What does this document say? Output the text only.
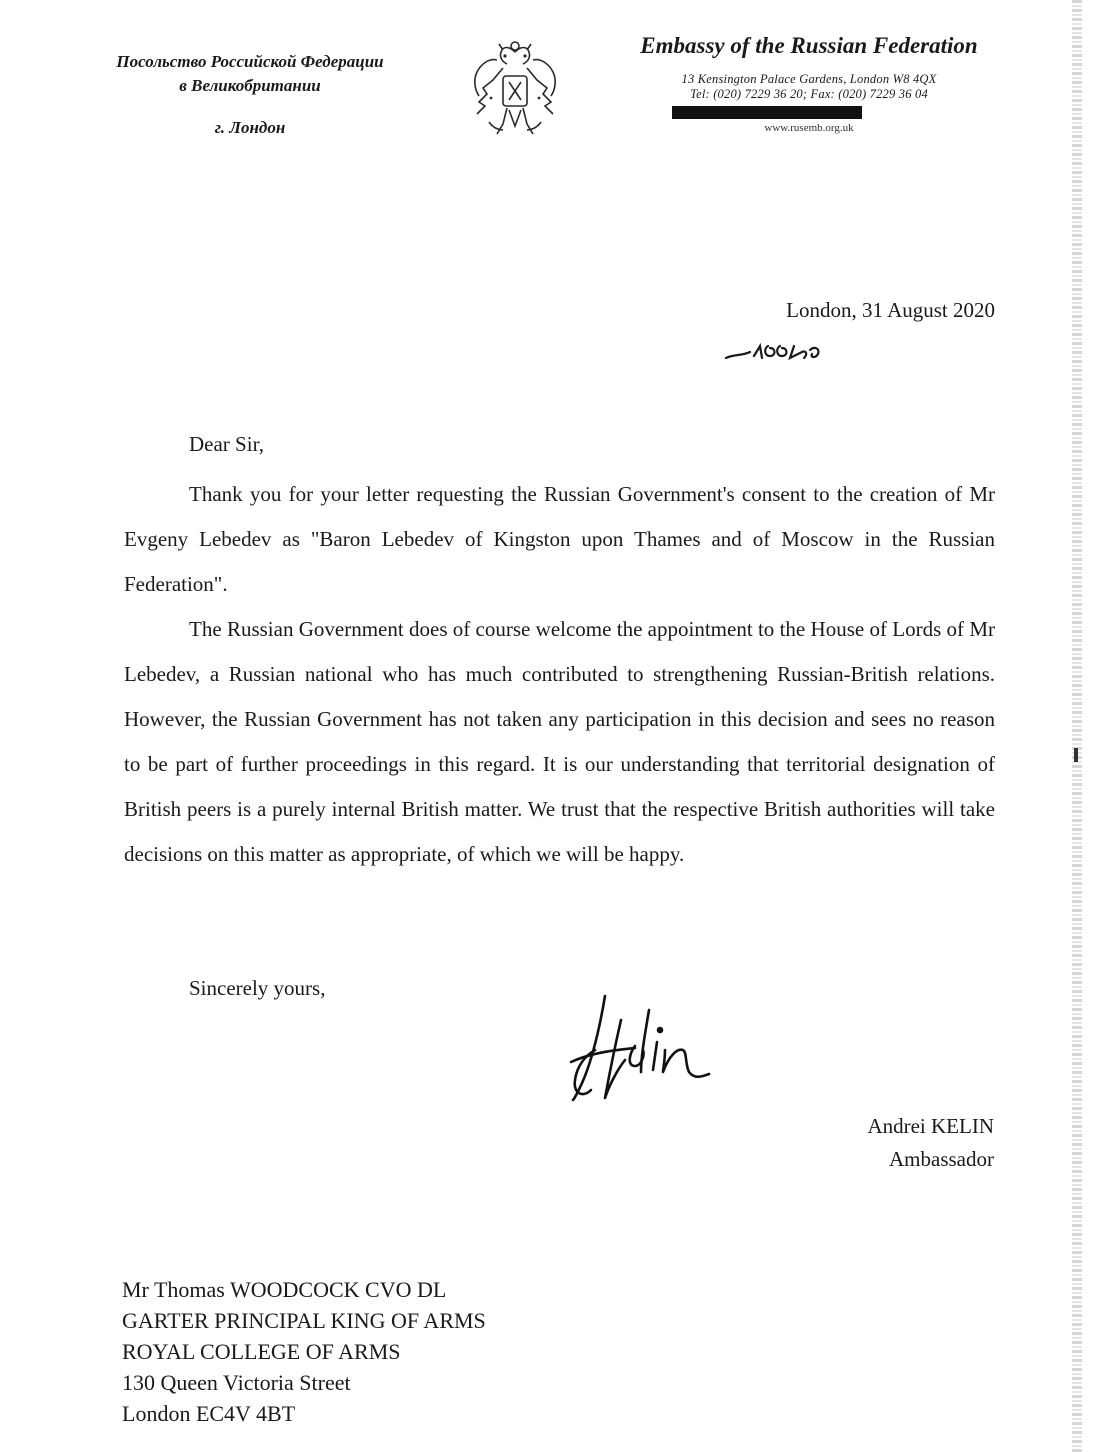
Посольство Российской Федерации
в Великобритании
г. Лондон
Embassy of the Russian Federation
13 Kensington Palace Gardens, London W8 4QX
Tel: (020) 7229 36 20; Fax: (020) 7229 36 04
www.rusemb.org.uk
London, 31 August 2020
Dear Sir,

Thank you for your letter requesting the Russian Government's consent to the creation of Mr Evgeny Lebedev as "Baron Lebedev of Kingston upon Thames and of Moscow in the Russian Federation".

The Russian Government does of course welcome the appointment to the House of Lords of Mr Lebedev, a Russian national who has much contributed to strengthening Russian-British relations. However, the Russian Government has not taken any participation in this decision and sees no reason to be part of further proceedings in this regard. It is our understanding that territorial designation of British peers is a purely internal British matter. We trust that the respective British authorities will take decisions on this matter as appropriate, of which we will be happy.

Sincerely yours,
Andrei KELIN
Ambassador
Mr Thomas WOODCOCK CVO DL
GARTER PRINCIPAL KING OF ARMS
ROYAL COLLEGE OF ARMS
130 Queen Victoria Street
London EC4V 4BT
